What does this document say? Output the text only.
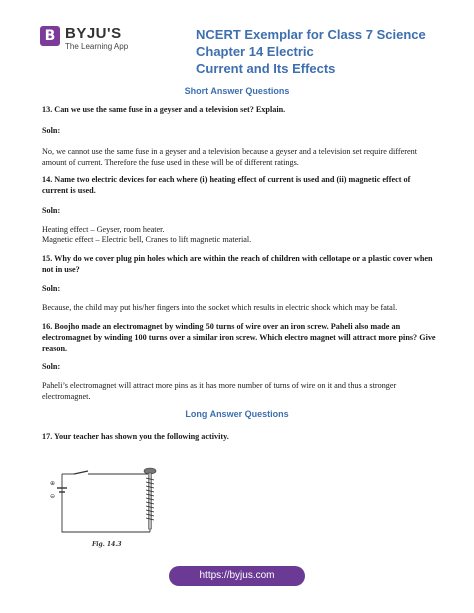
B BYJU'S
The Learning App
NCERT Exemplar for Class 7 Science Chapter 14 Electric
Current and Its Effects
Short Answer Questions
13. Can we use the same fuse in a geyser and a television set? Explain.
Soln:
No, we cannot use the same fuse in a geyser and a television because a geyser and a television set require different amount of current. Therefore the fuse used in these will be of different ratings.
14. Name two electric devices for each where (i) heating effect of current is used and (ii) magnetic effect of current is used.
Soln:
Heating effect – Geyser, room heater.
Magnetic effect – Electric bell, Cranes to lift magnetic material.
15. Why do we cover plug pin holes which are within the reach of children with cellotape or a plastic cover when not in use?
Soln:
Because, the child may put his/her fingers into the socket which results in electric shock which may be fatal.
16. Boojho made an electromagnet by winding 50 turns of wire over an iron screw. Paheli also made an electromagnet by winding 100 turns over a similar iron screw. Which electro magnet will attract more pins? Give reason.
Soln:
Paheli’s electromagnet will attract more pins as it has more number of turns of wire on it and thus a stronger electromagnet.
Long Answer Questions
17. Your teacher has shown you the following activity.
⊕
⊖
Fig. 14.3
https://byjus.com
